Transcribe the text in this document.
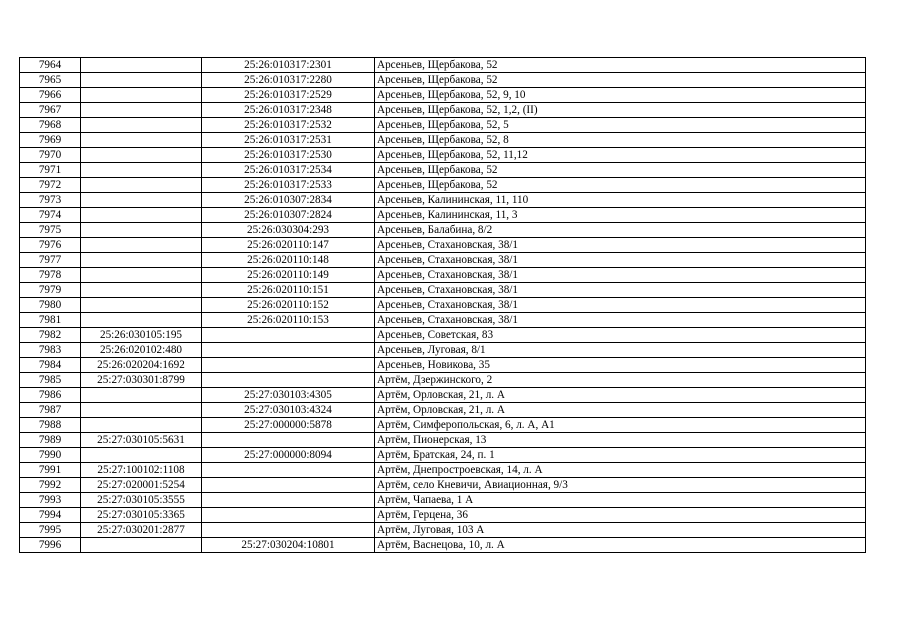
7964		25:26:010317:2301	Арсеньев, Щербакова, 52
7965		25:26:010317:2280	Арсеньев, Щербакова, 52
7966		25:26:010317:2529	Арсеньев, Щербакова, 52, 9, 10
7967		25:26:010317:2348	Арсеньев, Щербакова, 52, 1,2, (II)
7968		25:26:010317:2532	Арсеньев, Щербакова, 52, 5
7969		25:26:010317:2531	Арсеньев, Щербакова, 52, 8
7970		25:26:010317:2530	Арсеньев, Щербакова, 52, 11,12
7971		25:26:010317:2534	Арсеньев, Щербакова, 52
7972		25:26:010317:2533	Арсеньев, Щербакова, 52
7973		25:26:010307:2834	Арсеньев, Калининская, 11, 110
7974		25:26:010307:2824	Арсеньев, Калининская, 11, 3
7975		25:26:030304:293	Арсеньев, Балабина, 8/2
7976		25:26:020110:147	Арсеньев, Стахановская, 38/1
7977		25:26:020110:148	Арсеньев, Стахановская, 38/1
7978		25:26:020110:149	Арсеньев, Стахановская, 38/1
7979		25:26:020110:151	Арсеньев, Стахановская, 38/1
7980		25:26:020110:152	Арсеньев, Стахановская, 38/1
7981		25:26:020110:153	Арсеньев, Стахановская, 38/1
7982	25:26:030105:195		Арсеньев, Советская, 83
7983	25:26:020102:480		Арсеньев, Луговая, 8/1
7984	25:26:020204:1692		Арсеньев, Новикова, 35
7985	25:27:030301:8799		Артём, Дзержинского, 2
7986		25:27:030103:4305	Артём, Орловская, 21, л. А
7987		25:27:030103:4324	Артём, Орловская, 21, л. А
7988		25:27:000000:5878	Артём, Симферопольская, 6, л. А, А1
7989	25:27:030105:5631		Артём, Пионерская, 13
7990		25:27:000000:8094	Артём, Братская, 24, п. 1
7991	25:27:100102:1108		Артём, Днепростроевская, 14, л. А
7992	25:27:020001:5254		Артём, село Кневичи, Авиационная, 9/3
7993	25:27:030105:3555		Артём, Чапаева, 1 А
7994	25:27:030105:3365		Артём, Герцена, 36
7995	25:27:030201:2877		Артём, Луговая, 103 А
7996		25:27:030204:10801	Артём, Васнецова, 10, л. А
